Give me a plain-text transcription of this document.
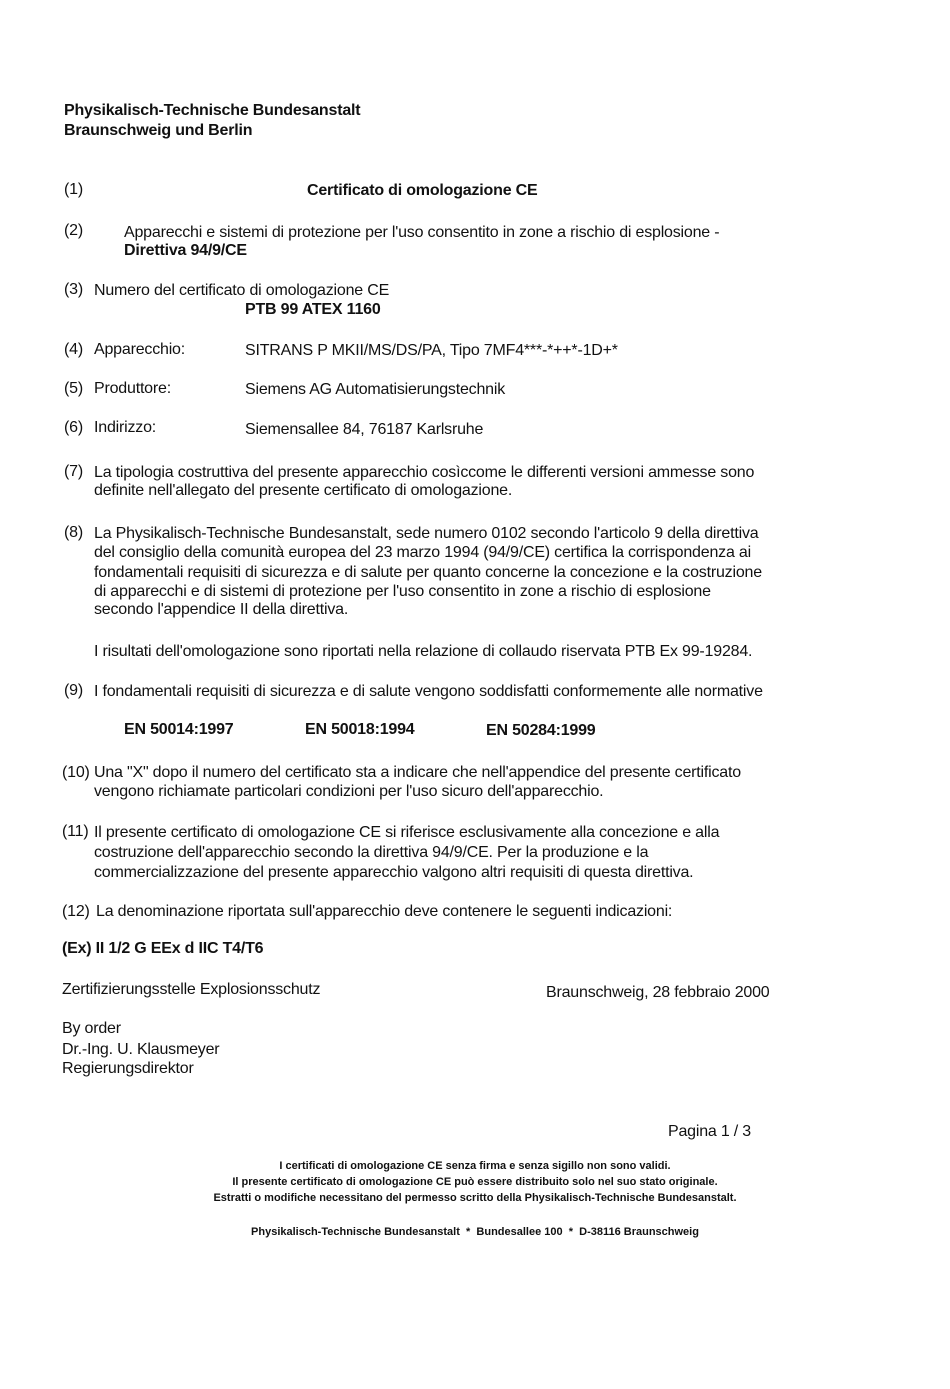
Physikalisch-Technische Bundesanstalt
Braunschweig und Berlin
(1)	Certificato di omologazione CE
(2)	Apparecchi e sistemi di protezione per l'uso consentito in zone a rischio di esplosione -
Direttiva 94/9/CE
(3) Numero del certificato di omologazione CE
PTB 99 ATEX 1160
(4) Apparecchio:	SITRANS P MKII/MS/DS/PA, Tipo 7MF4***-*++*-1D+*
(5) Produttore:	Siemens AG Automatisierungstechnik
(6) Indirizzo:	Siemensallee 84, 76187 Karlsruhe
(7) La tipologia costruttiva del presente apparecchio cosìccome le differenti versioni ammesse sono
definite nell'allegato del presente certificato di omologazione.
(8) La Physikalisch-Technische Bundesanstalt, sede numero 0102 secondo l'articolo 9 della direttiva
del consiglio della comunità europea del 23 marzo 1994 (94/9/CE) certifica la corrispondenza ai
fondamentali requisiti di sicurezza e di salute per quanto concerne la concezione e la costruzione
di apparecchi e di sistemi di protezione per l'uso consentito in zone a rischio di esplosione
secondo l'appendice II della direttiva.
I risultati dell'omologazione sono riportati nella relazione di collaudo riservata PTB Ex 99-19284.
(9) I fondamentali requisiti di sicurezza e di salute vengono soddisfatti conformemente alle normative
EN 50014:1997	EN 50018:1994	EN 50284:1999
(10) Una "X" dopo il numero del certificato sta a indicare che nell'appendice del presente certificato
vengono richiamate particolari condizioni per l'uso sicuro dell'apparecchio.
(11) Il presente certificato di omologazione CE si riferisce esclusivamente alla concezione e alla
costruzione dell'apparecchio secondo la direttiva 94/9/CE. Per la produzione e la
commercializzazione del presente apparecchio valgono altri requisiti di questa direttiva.
(12) La denominazione riportata sull'apparecchio deve contenere le seguenti indicazioni:
(Ex) II 1/2 G EEx d IIC T4/T6
Zertifizierungsstelle Explosionsschutz	Braunschweig, 28 febbraio 2000
By order
Dr.-Ing. U. Klausmeyer
Regierungsdirektor
Pagina 1 / 3
I certificati di omologazione CE senza firma e senza sigillo non sono validi.
Il presente certificato di omologazione CE può essere distribuito solo nel suo stato originale.
Estratti o modifiche necessitano del permesso scritto della Physikalisch-Technische Bundesanstalt.
Physikalisch-Technische Bundesanstalt  *  Bundesallee 100  *  D-38116 Braunschweig
